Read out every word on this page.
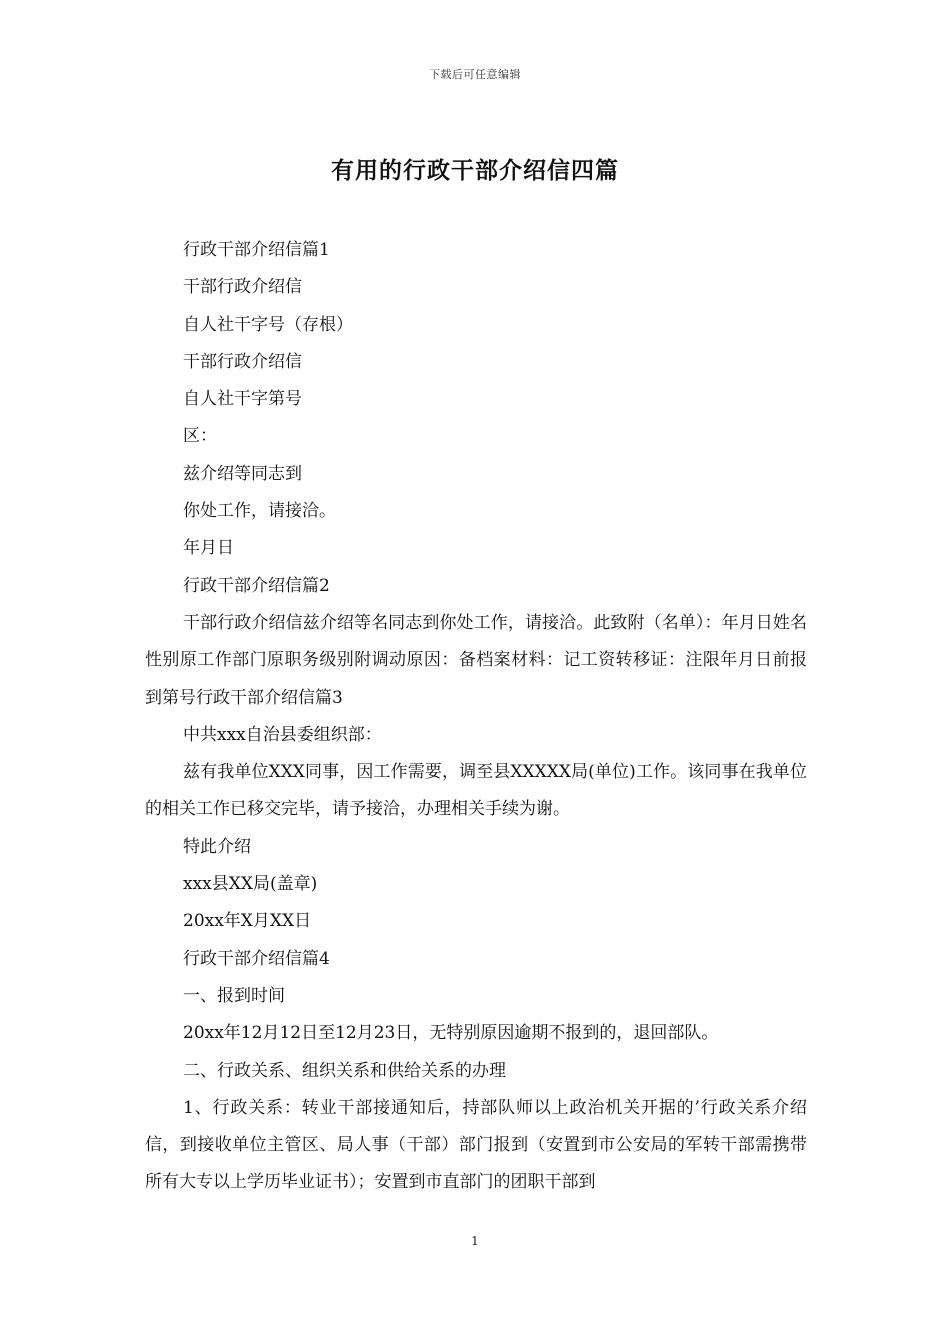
下载后可任意编辑
有用的行政干部介绍信四篇

行政干部介绍信篇1

干部行政介绍信

自人社干字号（存根）

干部行政介绍信

自人社干字第号

区：

兹介绍等同志到

你处工作，请接洽。

年月日

行政干部介绍信篇2

干部行政介绍信兹介绍等名同志到你处工作，请接洽。此致附（名单）：年月日姓名性别原工作部门原职务级别附调动原因：备档案材料：记工资转移证：注限年月日前报到第号行政干部介绍信篇3

中共xxx自治县委组织部：

兹有我单位XXX同事，因工作需要，调至县XXXXX局(单位)工作。该同事在我单位的相关工作已移交完毕，请予接洽，办理相关手续为谢。

特此介绍

xxx县XX局(盖章)

20xx年X月XX日

行政干部介绍信篇4

一、报到时间

20xx年12月12日至12月23日，无特别原因逾期不报到的，退回部队。

二、行政关系、组织关系和供给关系的办理

1、行政关系：转业干部接通知后，持部队师以上政治机关开据的’行政关系介绍信，到接收单位主管区、局人事（干部）部门报到（安置到市公安局的军转干部需携带所有大专以上学历毕业证书）；安置到市直部门的团职干部到

1
